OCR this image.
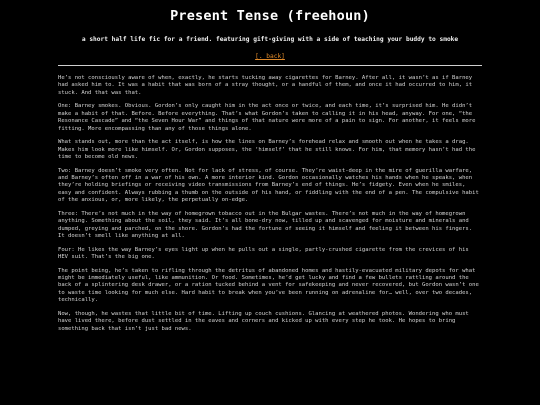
Present Tense (freehoun)
a short half life fic for a friend. featuring gift-giving with a side of teaching your buddy to smoke
[. back]

He’s not consciously aware of when, exactly, he starts tucking away cigarettes for Barney. After all, it wasn’t as if Barney had asked him to. It was a habit that was born of a stray thought, or a handful of them, and once it had occurred to him, it stuck. And that was that.

One: Barney smokes. Obvious. Gordon’s only caught him in the act once or twice, and each time, it’s surprised him. He didn’t make a habit of that. Before. Before everything. That’s what Gordon’s taken to calling it in his head, anyway. For one, “the Resonance Cascade” and “the Seven Hour War” and things of that nature were more of a pain to sign. For another, it feels more fitting. More encompassing than any of those things alone.

What stands out, more than the act itself, is how the lines on Barney’s forehead relax and smooth out when he takes a drag. Makes him look more like himself. Or, Gordon supposes, the ‘himself’ that he still knows. For him, that memory hasn’t had the time to become old news.

Two: Barney doesn’t smoke very often. Not for lack of stress, of course. They’re waist-deep in the mire of guerilla warfare, and Barney’s often off in a war of his own. A more interior kind. Gordon occasionally watches his hands when he speaks, when they’re holding briefings or receiving video transmissions from Barney’s end of things. He’s fidgety. Even when he smiles, easy and confident. Always rubbing a thumb on the outside of his hand, or fiddling with the end of a pen. The compulsive habit of the anxious, or, more likely, the perpetually on-edge.

Three: There’s not much in the way of homegrown tobacco out in the Bulgar wastes. There’s not much in the way of homegrown anything. Something about the soil, they said. It’s all bone-dry now, tilled up and scavenged for moisture and minerals and dumped, greying and parched, on the shore. Gordon’s had the fortune of seeing it himself and feeling it between his fingers. It doesn’t smell like anything at all.

Four: He likes the way Barney’s eyes light up when he pulls out a single, partly-crushed cigarette from the crevices of his HEV suit. That’s the big one.

The point being, he’s taken to rifling through the detritus of abandoned homes and hastily-evacuated military depots for what might be immediately useful, like ammunition. Or food. Sometimes, he’d get lucky and find a few bullets rattling around the back of a splintering desk drawer, or a ration tucked behind a vent for safekeeping and never recovered, but Gordon wasn’t one to waste time looking for much else. Hard habit to break when you’ve been running on adrenaline for… well, over two decades, technically.

Now, though, he wastes that little bit of time. Lifting up couch cushions. Glancing at weathered photos. Wondering who must have lived there, before dust settled in the eaves and corners and kicked up with every step he took. He hopes to bring something back that isn’t just bad news.
